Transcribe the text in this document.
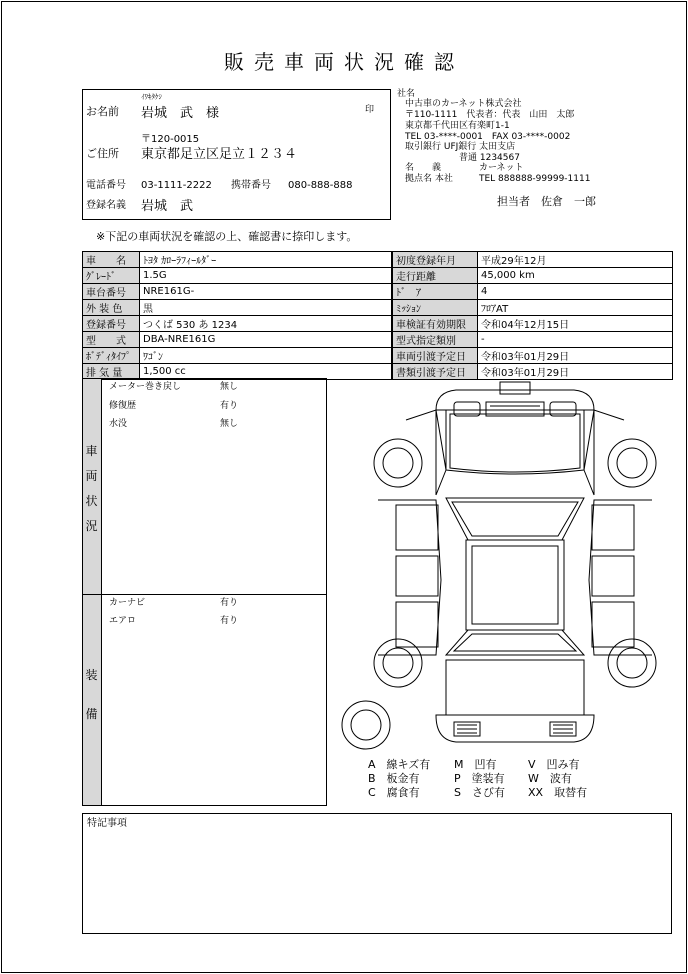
販売車両状況確認
ｲﾜｷﾀｹｼ
お名前 岩城　武　様	印
〒120-0015
ご住所 東京都足立区足立１２３４
電話番号 03-1111-2222 携帯番号 080-888-888
登録名義 岩城　武
社名
中古車のカーネット株式会社
〒110-1111　代表者：代表　山田　太郎
東京都千代田区有楽町1-1
TEL 03-****-0001　FAX 03-****-0002
取引銀行 UFJ銀行 太田支店
普通 1234567
名　　義	カーネット
拠点名 本社	TEL 888888-99999-1111
担当者　佐倉　一郎
※下記の車両状況を確認の上、確認書に捺印します。
車　　名	ﾄﾖﾀ ｶﾛｰﾗﾌｨｰﾙﾀﾞｰ
ｸﾞﾚｰﾄﾞ	1.5G
車台番号	NRE161G-
外 装 色	黒
登録番号	つくば 530 あ 1234
型　　式	DBA-NRE161G
ﾎﾞﾃﾞｨﾀｲﾌﾟ	ﾜｺﾞﾝ
排 気 量	1,500 cc
初度登録年月	平成29年12月
走行距離	45,000 km
ﾄﾞ　ｱ	4
ﾐｯｼｮﾝ	ﾌﾛｱAT
車検証有効期限	令和04年12月15日
型式指定類別	-
車両引渡予定日	令和03年01月29日
書類引渡予定日	令和03年01月29日
車
両
状
況
メーター巻き戻し	無し
修復歴	有り
水没	無し
装
備
カーナビ	有り
エアロ	有り
A　線キズ有 M　凹有	V　凹み有
B　板金有	P　塗装有 W　波有
C　腐食有	S　さび有 XX　取替有
特記事項
